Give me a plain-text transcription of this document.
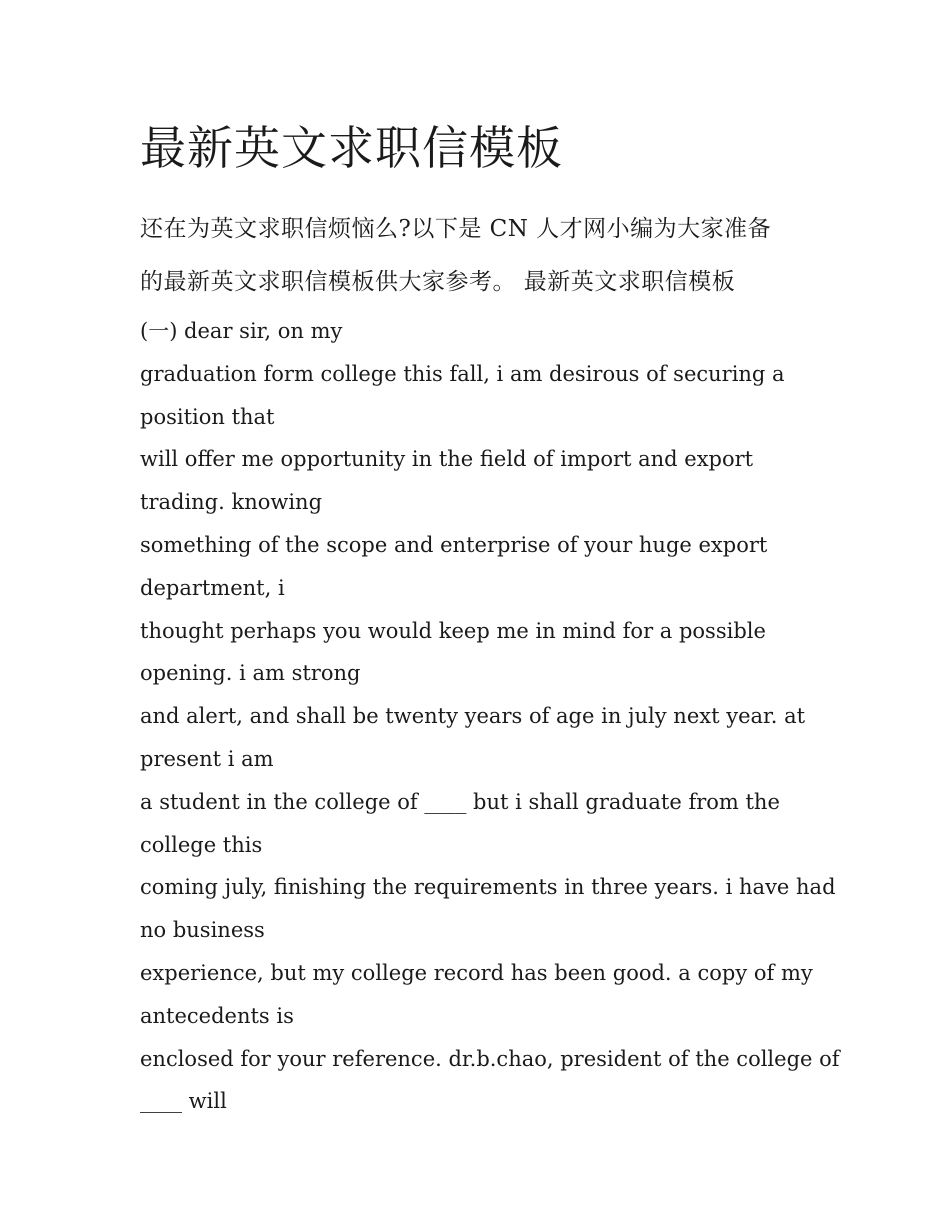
最新英文求职信模板

还在为英文求职信烦恼么?以下是 CN 人才网小编为大家准备

的最新英文求职信模板供大家参考。 最新英文求职信模板

(一) dear sir, on my

graduation form college this fall, i am desirous of securing a

position that

will offer me opportunity in the field of import and export

trading. knowing

something of the scope and enterprise of your huge export

department, i

thought perhaps you would keep me in mind for a possible

opening. i am strong

and alert, and shall be twenty years of age in july next year. at

present i am

a student in the college of ____ but i shall graduate from the

college this

coming july, finishing the requirements in three years. i have had

no business

experience, but my college record has been good. a copy of my

antecedents is

enclosed for your reference. dr.b.chao, president of the college of

____ will
